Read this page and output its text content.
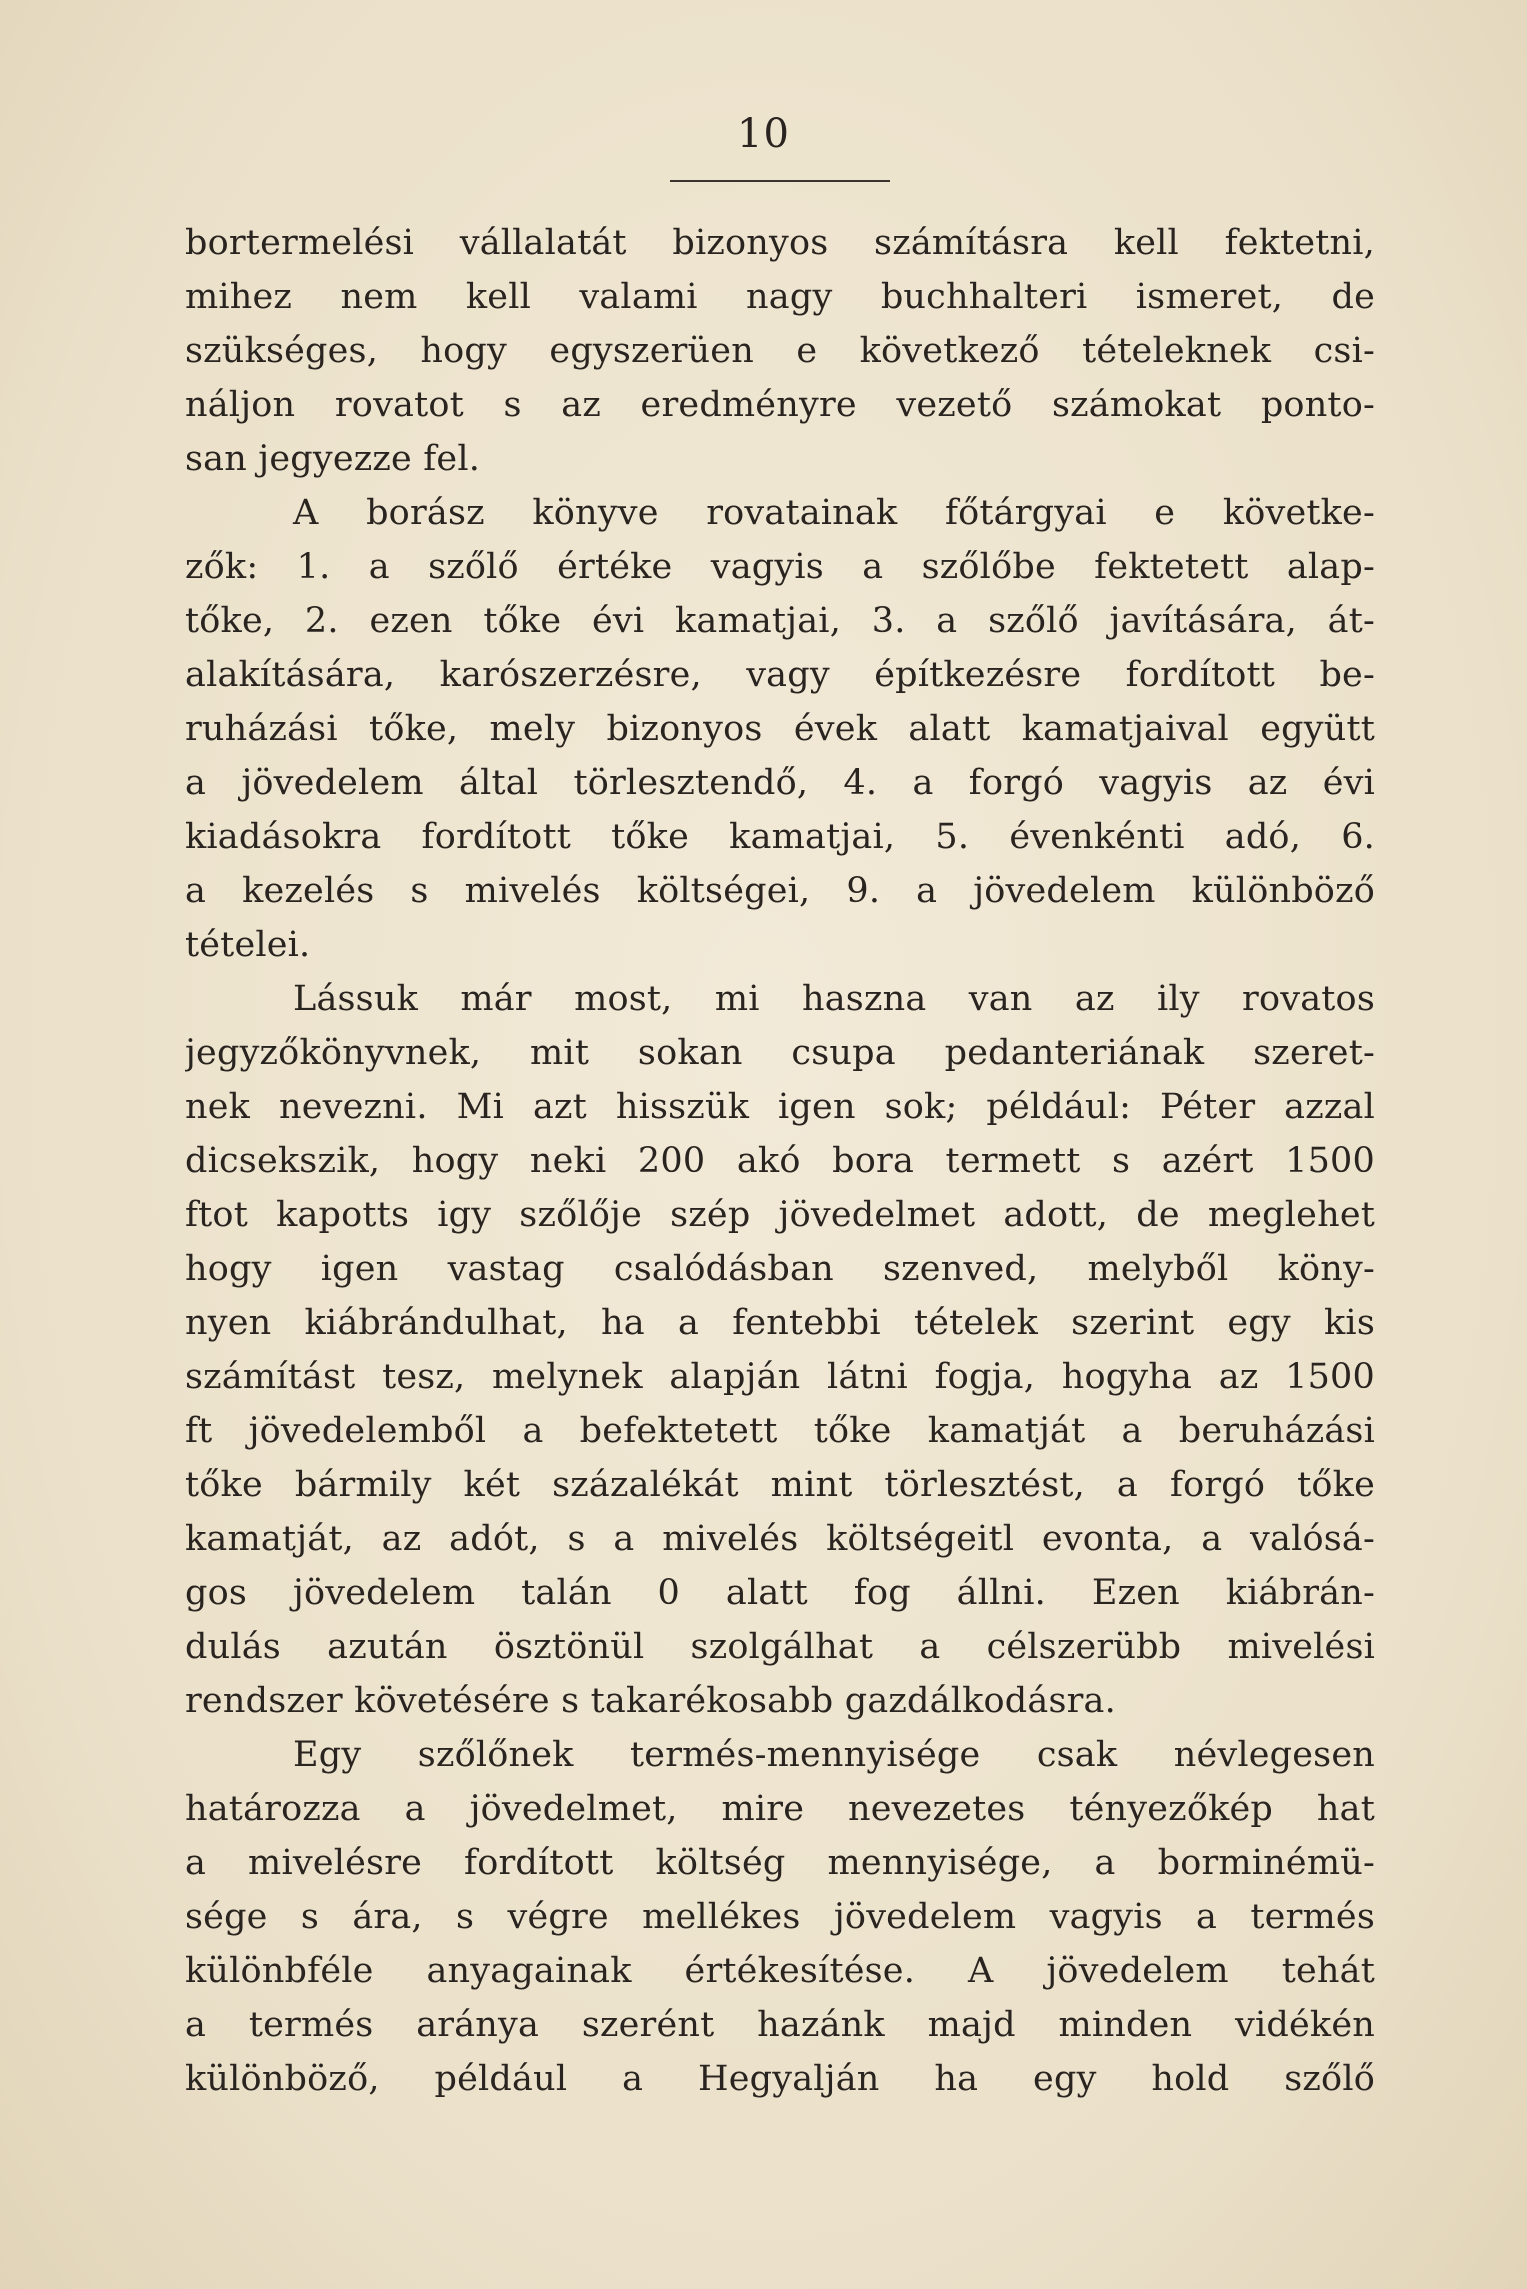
10
bortermelési vállalatát bizonyos számításra kell fektetni,
mihez nem kell valami nagy buchhalteri ismeret, de
szükséges, hogy egyszerüen e következő tételeknek csi-
náljon rovatot s az eredményre vezető számokat ponto-
san jegyezze fel.
A borász könyve rovatainak főtárgyai e követke-
zők: 1. a szőlő értéke vagyis a szőlőbe fektetett alap-
tőke, 2. ezen tőke évi kamatjai, 3. a szőlő javítására, át-
alakítására, karószerzésre, vagy építkezésre fordított be-
ruházási tőke, mely bizonyos évek alatt kamatjaival együtt
a jövedelem által törlesztendő, 4. a forgó vagyis az évi
kiadásokra fordított tőke kamatjai, 5. évenkénti adó, 6.
a kezelés s mivelés költségei, 9. a jövedelem különböző
tételei.
Lássuk már most, mi haszna van az ily rovatos
jegyzőkönyvnek, mit sokan csupa pedanteriának szeret-
nek nevezni. Mi azt hisszük igen sok; például: Péter azzal
dicsekszik, hogy neki 200 akó bora termett s azért 1500
ftot kapotts igy szőlője szép jövedelmet adott, de meglehet
hogy igen vastag csalódásban szenved, melyből köny-
nyen kiábrándulhat, ha a fentebbi tételek szerint egy kis
számítást tesz, melynek alapján látni fogja, hogyha az 1500
ft jövedelemből a befektetett tőke kamatját a beruházási
tőke bármily két százalékát mint törlesztést, a forgó tőke
kamatját, az adót, s a mivelés költségeitl evonta, a valósá-
gos jövedelem talán 0 alatt fog állni. Ezen kiábrán-
dulás azután ösztönül szolgálhat a célszerübb mivelési
rendszer követésére s takarékosabb gazdálkodásra.
Egy szőlőnek termés-mennyisége csak névlegesen
határozza a jövedelmet, mire nevezetes tényezőkép hat
a mivelésre fordított költség mennyisége, a borminémü-
sége s ára, s végre mellékes jövedelem vagyis a termés
különbféle anyagainak értékesítése. A jövedelem tehát
a termés aránya szerént hazánk majd minden vidékén
különböző, például a Hegyalján ha egy hold szőlő
